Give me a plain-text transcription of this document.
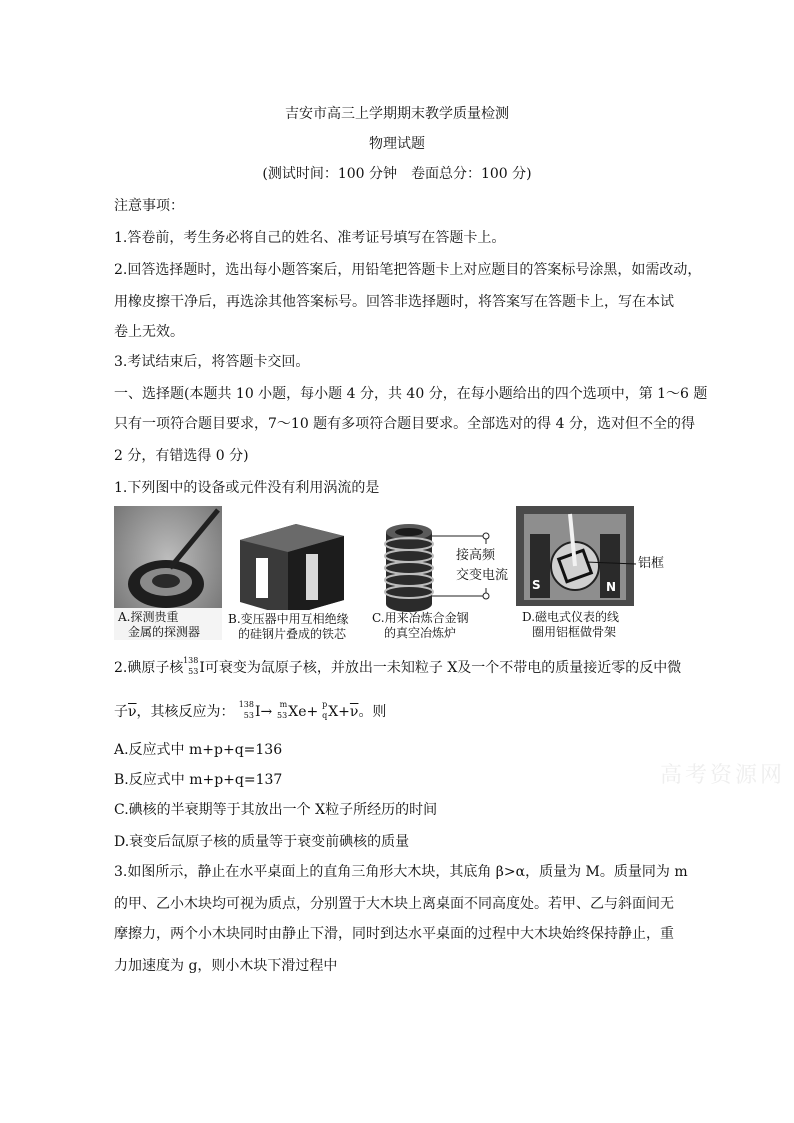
吉安市高三上学期期末教学质量检测
物理试题
(测试时间：100 分钟　卷面总分：100 分)
注意事项：
1.答卷前，考生务必将自己的姓名、准考证号填写在答题卡上。
2.回答选择题时，选出每小题答案后，用铅笔把答题卡上对应题目的答案标号涂黑，如需改动，
用橡皮擦干净后，再选涂其他答案标号。回答非选择题时，将答案写在答题卡上，写在本试
卷上无效。
3.考试结束后，将答题卡交回。
一、选择题(本题共 10 小题，每小题 4 分，共 40 分，在每小题给出的四个选项中，第 1～6 题
只有一项符合题目要求，7～10 题有多项符合题目要求。全部选对的得 4 分，选对但不全的得
2 分，有错选得 0 分)
1.下列图中的设备或元件没有利用涡流的是
A.探测贵重
金属的探测器
B.变压器中用互相绝缘
的硅钢片叠成的铁芯
接高频
交变电流
C.用来冶炼合金钢
的真空冶炼炉
S	N
铝框
D.磁电式仪表的线
圈用铝框做骨架
2.碘原子核 138
53 I可衰变为氙原子核，并放出一未知粒子 X及一个不带电的质量接近零的反中微
子$\overline{\nu}$，其核反应为： 138
53 I→ m
53 Xe+ p
q $X+\overline{\nu}$。则
A.反应式中 m+p+q=136
B.反应式中 m+p+q=137
C.碘核的半衰期等于其放出一个 X粒子所经历的时间
D.衰变后氙原子核的质量等于衰变前碘核的质量
高考资源网
3.如图所示，静止在水平桌面上的直角三角形大木块，其底角 β>α，质量为 M。质量同为 m
的甲、乙小木块均可视为质点，分别置于大木块上离桌面不同高度处。若甲、乙与斜面间无
摩擦力，两个小木块同时由静止下滑，同时到达水平桌面的过程中大木块始终保持静止，重
力加速度为 g，则小木块下滑过程中
